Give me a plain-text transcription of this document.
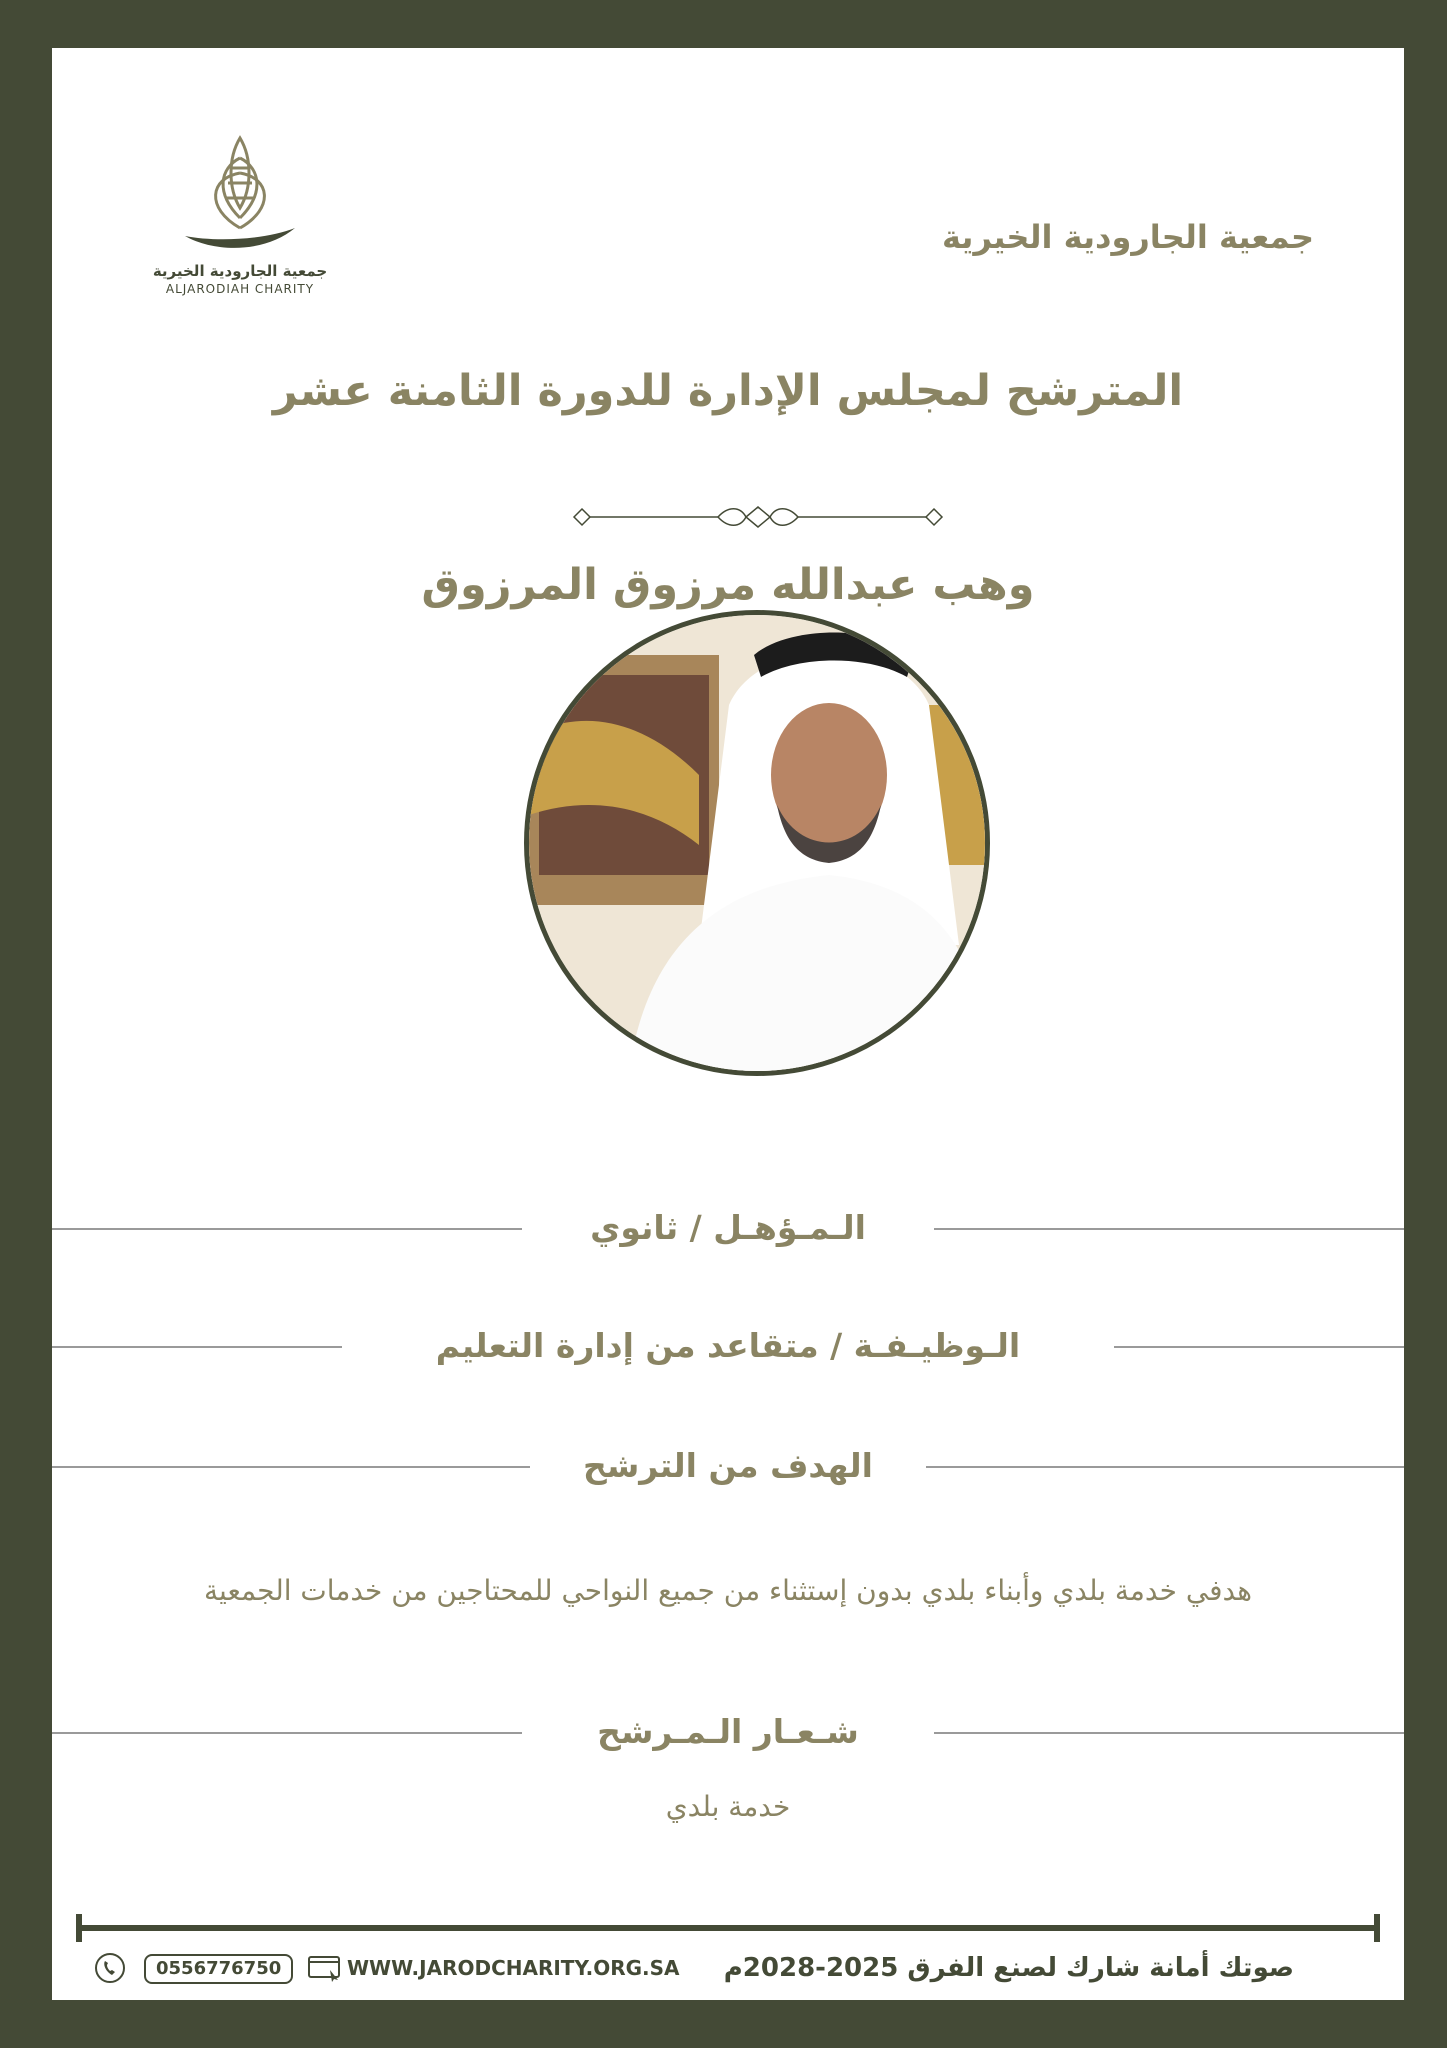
جمعية الجارودية الخيرية
ALJARODIAH CHARITY
جمعية الجارودية الخيرية
المترشح لمجلس الإدارة للدورة الثامنة عشر
وهب عبدالله مرزوق المرزوق
الـمـؤهـل / ثانوي
الـوظيـفـة / متقاعد من إدارة التعليم
الهدف من الترشح
هدفي خدمة بلدي وأبناء بلدي بدون إستثناء من جميع النواحي للمحتاجين من خدمات الجمعية
شـعـار الـمـرشح
خدمة بلدي
صوتك أمانة شارك لصنع الفرق 2025-2028م
WWW.JARODCHARITY.ORG.SA
0556776750
